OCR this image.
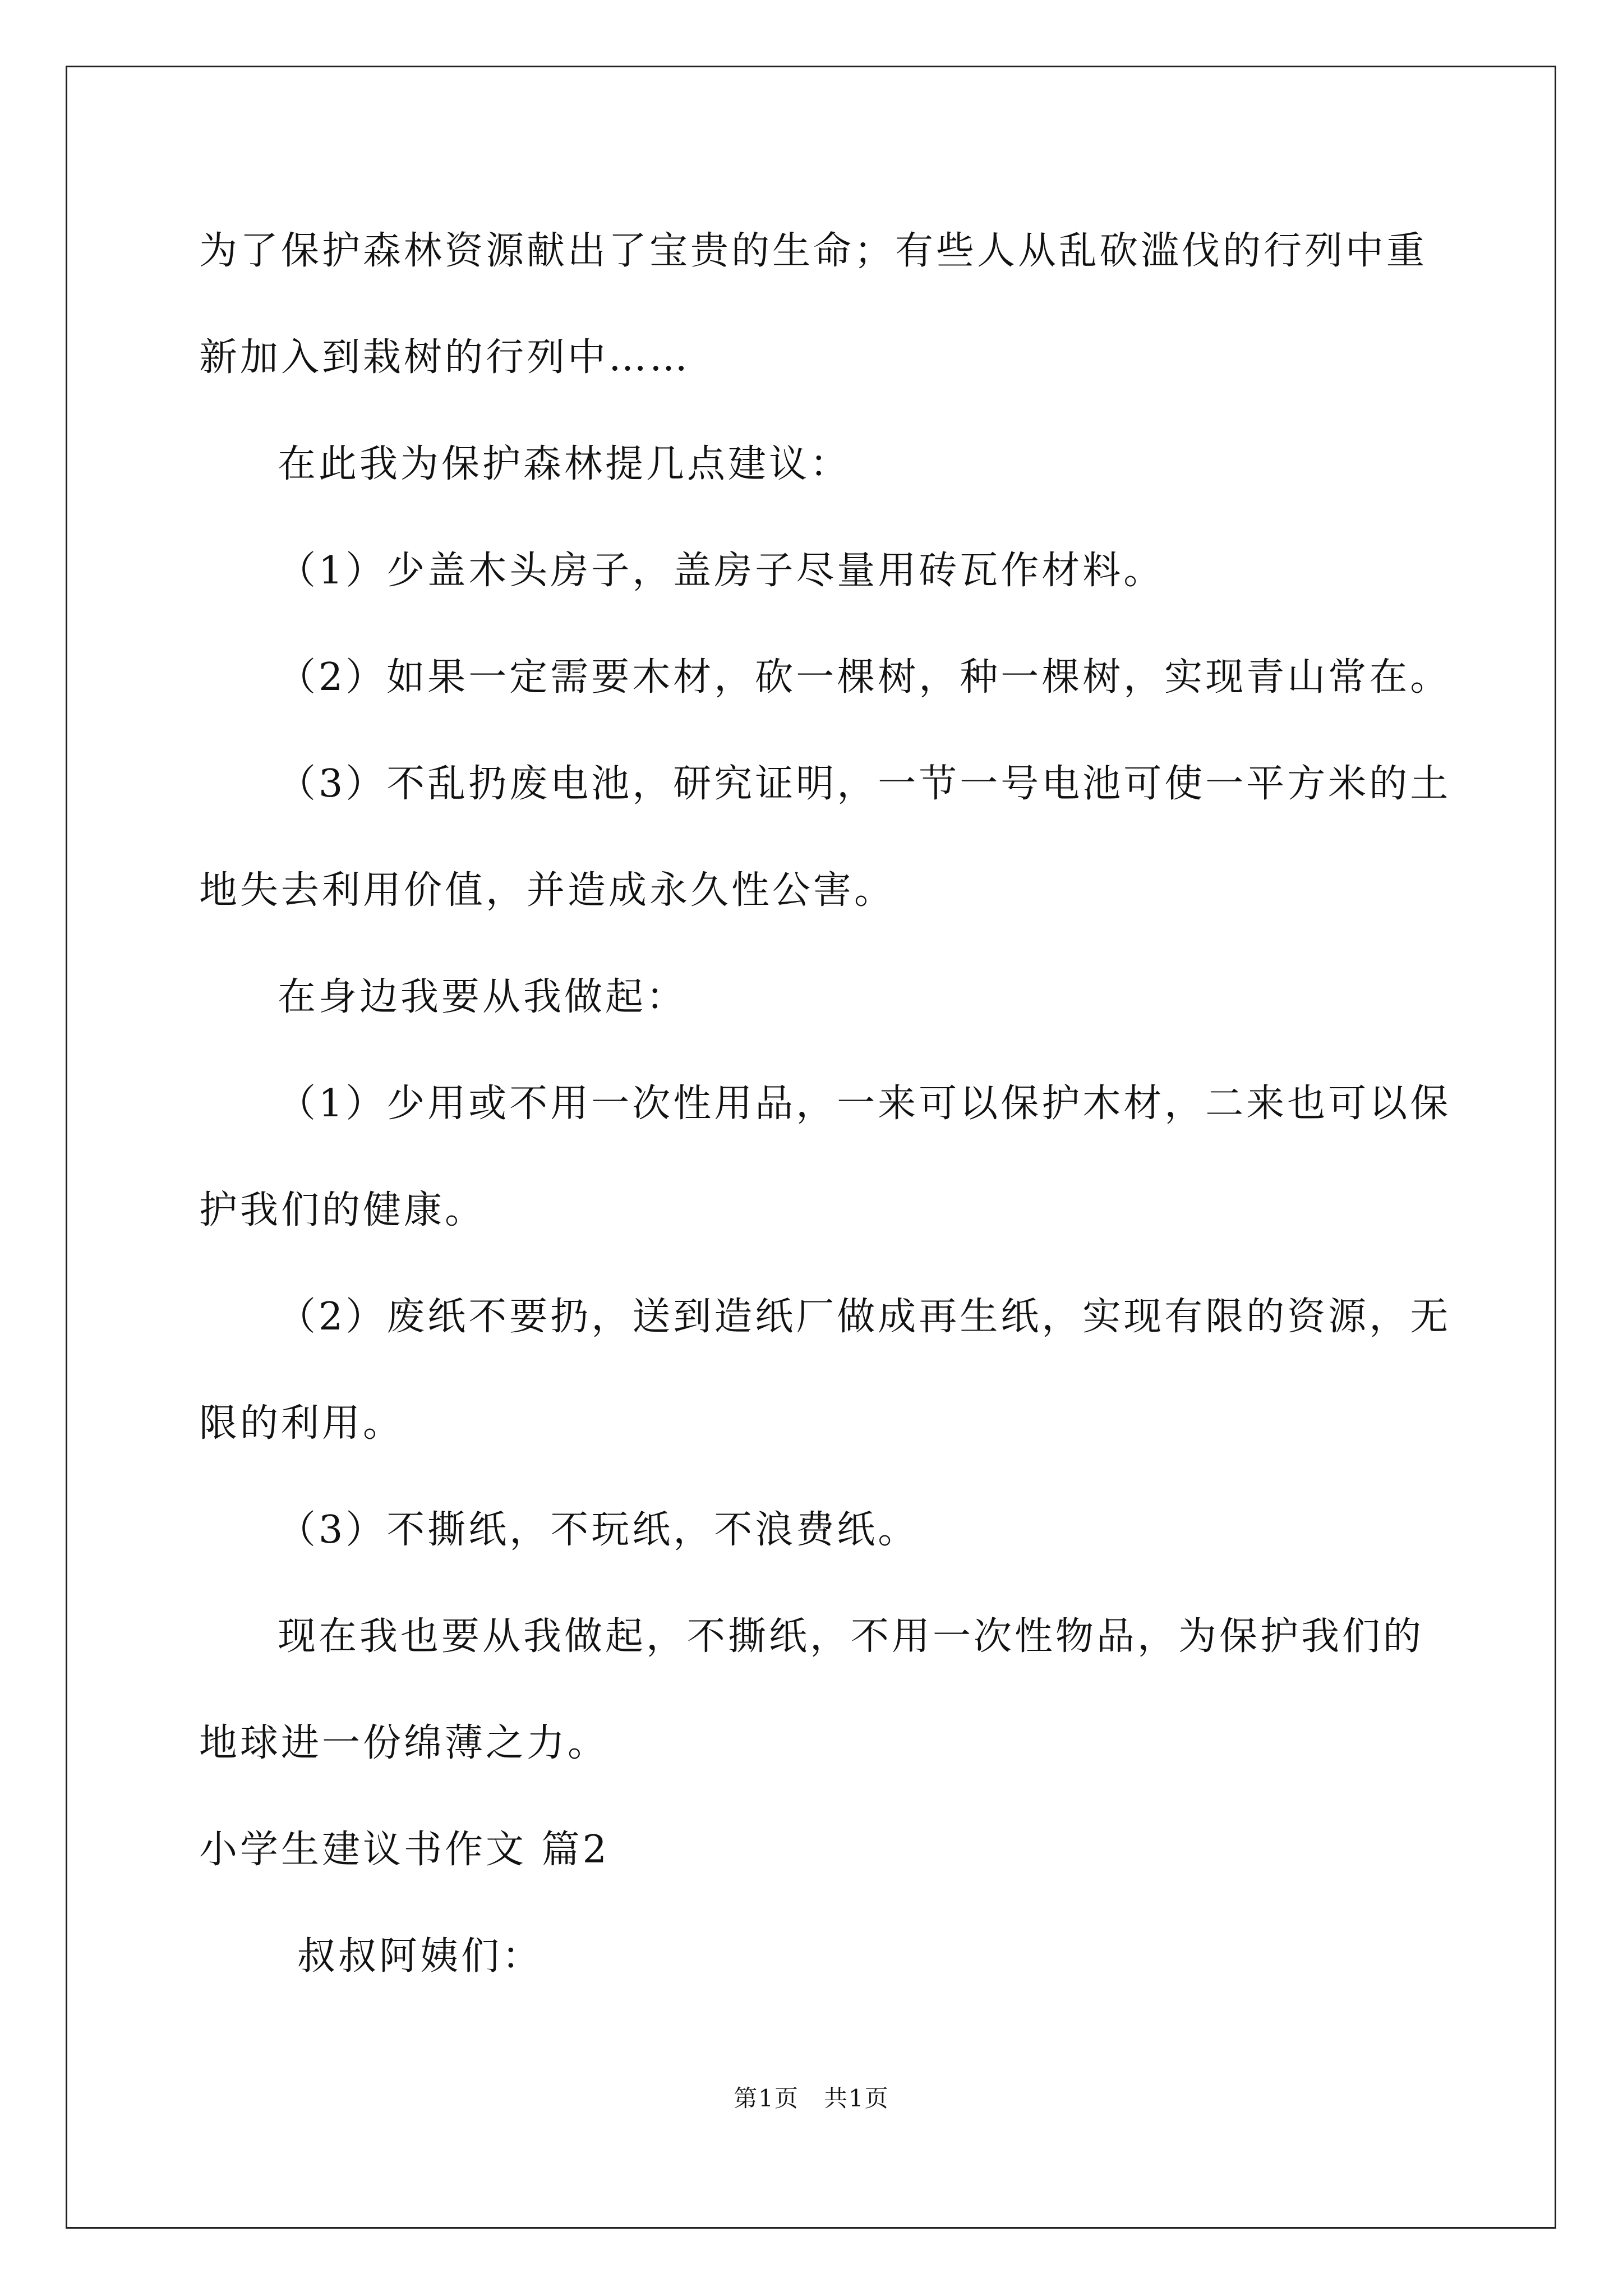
为了保护森林资源献出了宝贵的生命；有些人从乱砍滥伐的行列中重
新加入到栽树的行列中……
在此我为保护森林提几点建议：
（1）少盖木头房子，盖房子尽量用砖瓦作材料。
（2）如果一定需要木材，砍一棵树，种一棵树，实现青山常在。
（3）不乱扔废电池，研究证明，一节一号电池可使一平方米的土
地失去利用价值，并造成永久性公害。
在身边我要从我做起：
（1）少用或不用一次性用品，一来可以保护木材，二来也可以保
护我们的健康。
（2）废纸不要扔，送到造纸厂做成再生纸，实现有限的资源，无
限的利用。
（3）不撕纸，不玩纸，不浪费纸。
现在我也要从我做起，不撕纸，不用一次性物品，为保护我们的
地球进一份绵薄之力。
小学生建议书作文 篇2
叔叔阿姨们：
第1页　共1页
